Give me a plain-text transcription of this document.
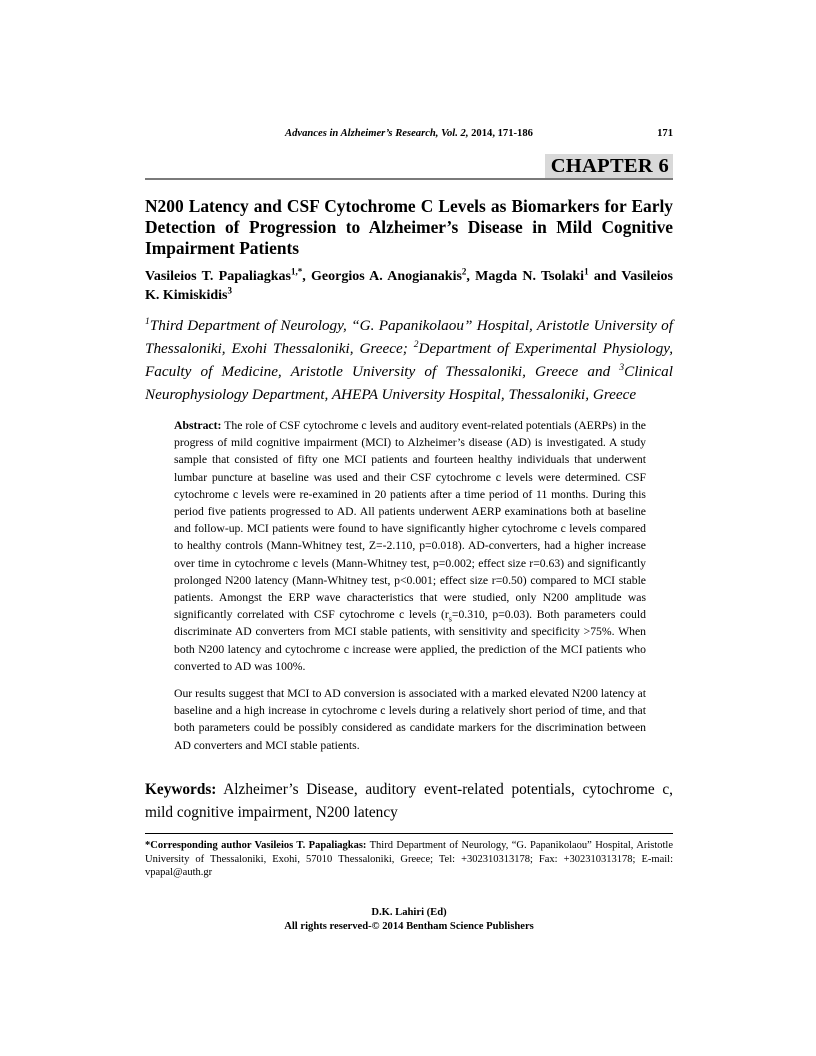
Advances in Alzheimer’s Research, Vol. 2, 2014, 171-186	171
CHAPTER 6
N200 Latency and CSF Cytochrome C Levels as Biomarkers for Early Detection of Progression to Alzheimer’s Disease in Mild Cognitive Impairment Patients
Vasileios T. Papaliagkas$^{1,*}$, Georgios A. Anogianakis$^2$, Magda N. Tsolaki$^1$ and Vasileios K. Kimiskidis$^3$
$^1$Third Department of Neurology, “G. Papanikolaou” Hospital, Aristotle University of Thessaloniki, Exohi Thessaloniki, Greece; $^2$Department of Experimental Physiology, Faculty of Medicine, Aristotle University of Thessaloniki, Greece and $^3$Clinical Neurophysiology Department, AHEPA University Hospital, Thessaloniki, Greece

Abstract: The role of CSF cytochrome c levels and auditory event-related potentials (AERPs) in the progress of mild cognitive impairment (MCI) to Alzheimer’s disease (AD) is investigated. A study sample that consisted of fifty one MCI patients and fourteen healthy individuals that underwent lumbar puncture at baseline was used and their CSF cytochrome c levels were determined. CSF cytochrome c levels were re-examined in 20 patients after a time period of 11 months. During this period five patients progressed to AD. All patients underwent AERP examinations both at baseline and follow-up. MCI patients were found to have significantly higher cytochrome c levels compared to healthy controls (Mann-Whitney test, Z=-2.110, p=0.018). AD-converters, had a higher increase over time in cytochrome c levels (Mann-Whitney test, p=0.002; effect size r=0.63) and significantly prolonged N200 latency (Mann-Whitney test, p<0.001; effect size r=0.50) compared to MCI stable patients. Amongst the ERP wave characteristics that were studied, only N200 amplitude was significantly correlated with CSF cytochrome c levels ($r_s=0.310$, p=0.03). Both parameters could discriminate AD converters from MCI stable patients, with sensitivity and specificity >75%. When both N200 latency and cytochrome c increase were applied, the prediction of the MCI patients who converted to AD was 100%.

Our results suggest that MCI to AD conversion is associated with a marked elevated N200 latency at baseline and a high increase in cytochrome c levels during a relatively short period of time, and that both parameters could be possibly considered as candidate markers for the discrimination between AD converters and MCI stable patients.

Keywords: Alzheimer’s Disease, auditory event-related potentials, cytochrome c, mild cognitive impairment, N200 latency
*Corresponding author Vasileios T. Papaliagkas: Third Department of Neurology, “G. Papanikolaou” Hospital, Aristotle University of Thessaloniki, Exohi, 57010 Thessaloniki, Greece; Tel: +302310313178; Fax: +302310313178; E-mail: vpapal@auth.gr
D.K. Lahiri (Ed)
All rights reserved-© 2014 Bentham Science Publishers
